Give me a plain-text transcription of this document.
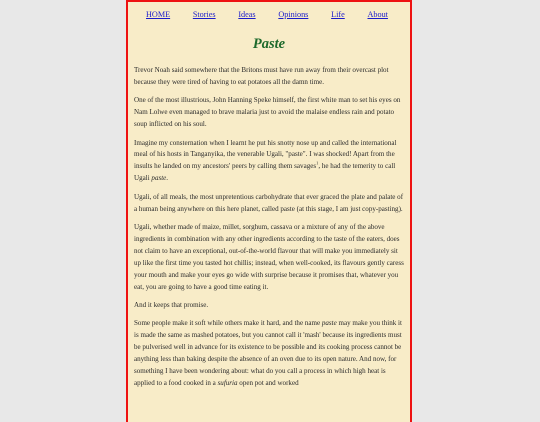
HOME	Stories	Ideas	Opinions	Life	About
Paste

Trevor Noah said somewhere that the Britons must have run away from their overcast plot because they were tired of having to eat potatoes all the damn time.

One of the most illustrious, John Hanning Speke himself, the first white man to set his eyes on Nam Lolwe even managed to brave malaria just to avoid the malaise endless rain and potato soup inflicted on his soul.

Imagine my consternation when I learnt he put his snotty nose up and called the international meal of his hosts in Tanganyika, the venerable Ugali, "paste". I was shocked! Apart from the insults he landed on my ancestors' peers by calling them savages$^1$, he had the temerity to call Ugali paste.

Ugali, of all meals, the most unpretentious carbohydrate that ever graced the plate and palate of a human being anywhere on this here planet, called paste (at this stage, I am just copy-pasting).

Ugali, whether made of maize, millet, sorghum, cassava or a mixture of any of the above ingredients in combination with any other ingredients according to the taste of the eaters, does not claim to have an exceptional, out-of-the-world flavour that will make you immediately sit up like the first time you tasted hot chillis; instead, when well-cooked, its flavours gently caress your mouth and make your eyes go wide with surprise because it promises that, whatever you eat, you are going to have a good time eating it.

And it keeps that promise.

Some people make it soft while others make it hard, and the name paste may make you think it is made the same as mashed potatoes, but you cannot call it 'mash' because its ingredients must be pulverised well in advance for its existence to be possible and its cooking process cannot be anything less than baking despite the absence of an oven due to its open nature. And now, for something I have been wondering about: what do you call a process in which high heat is applied to a food cooked in a sufuria open pot and worked
